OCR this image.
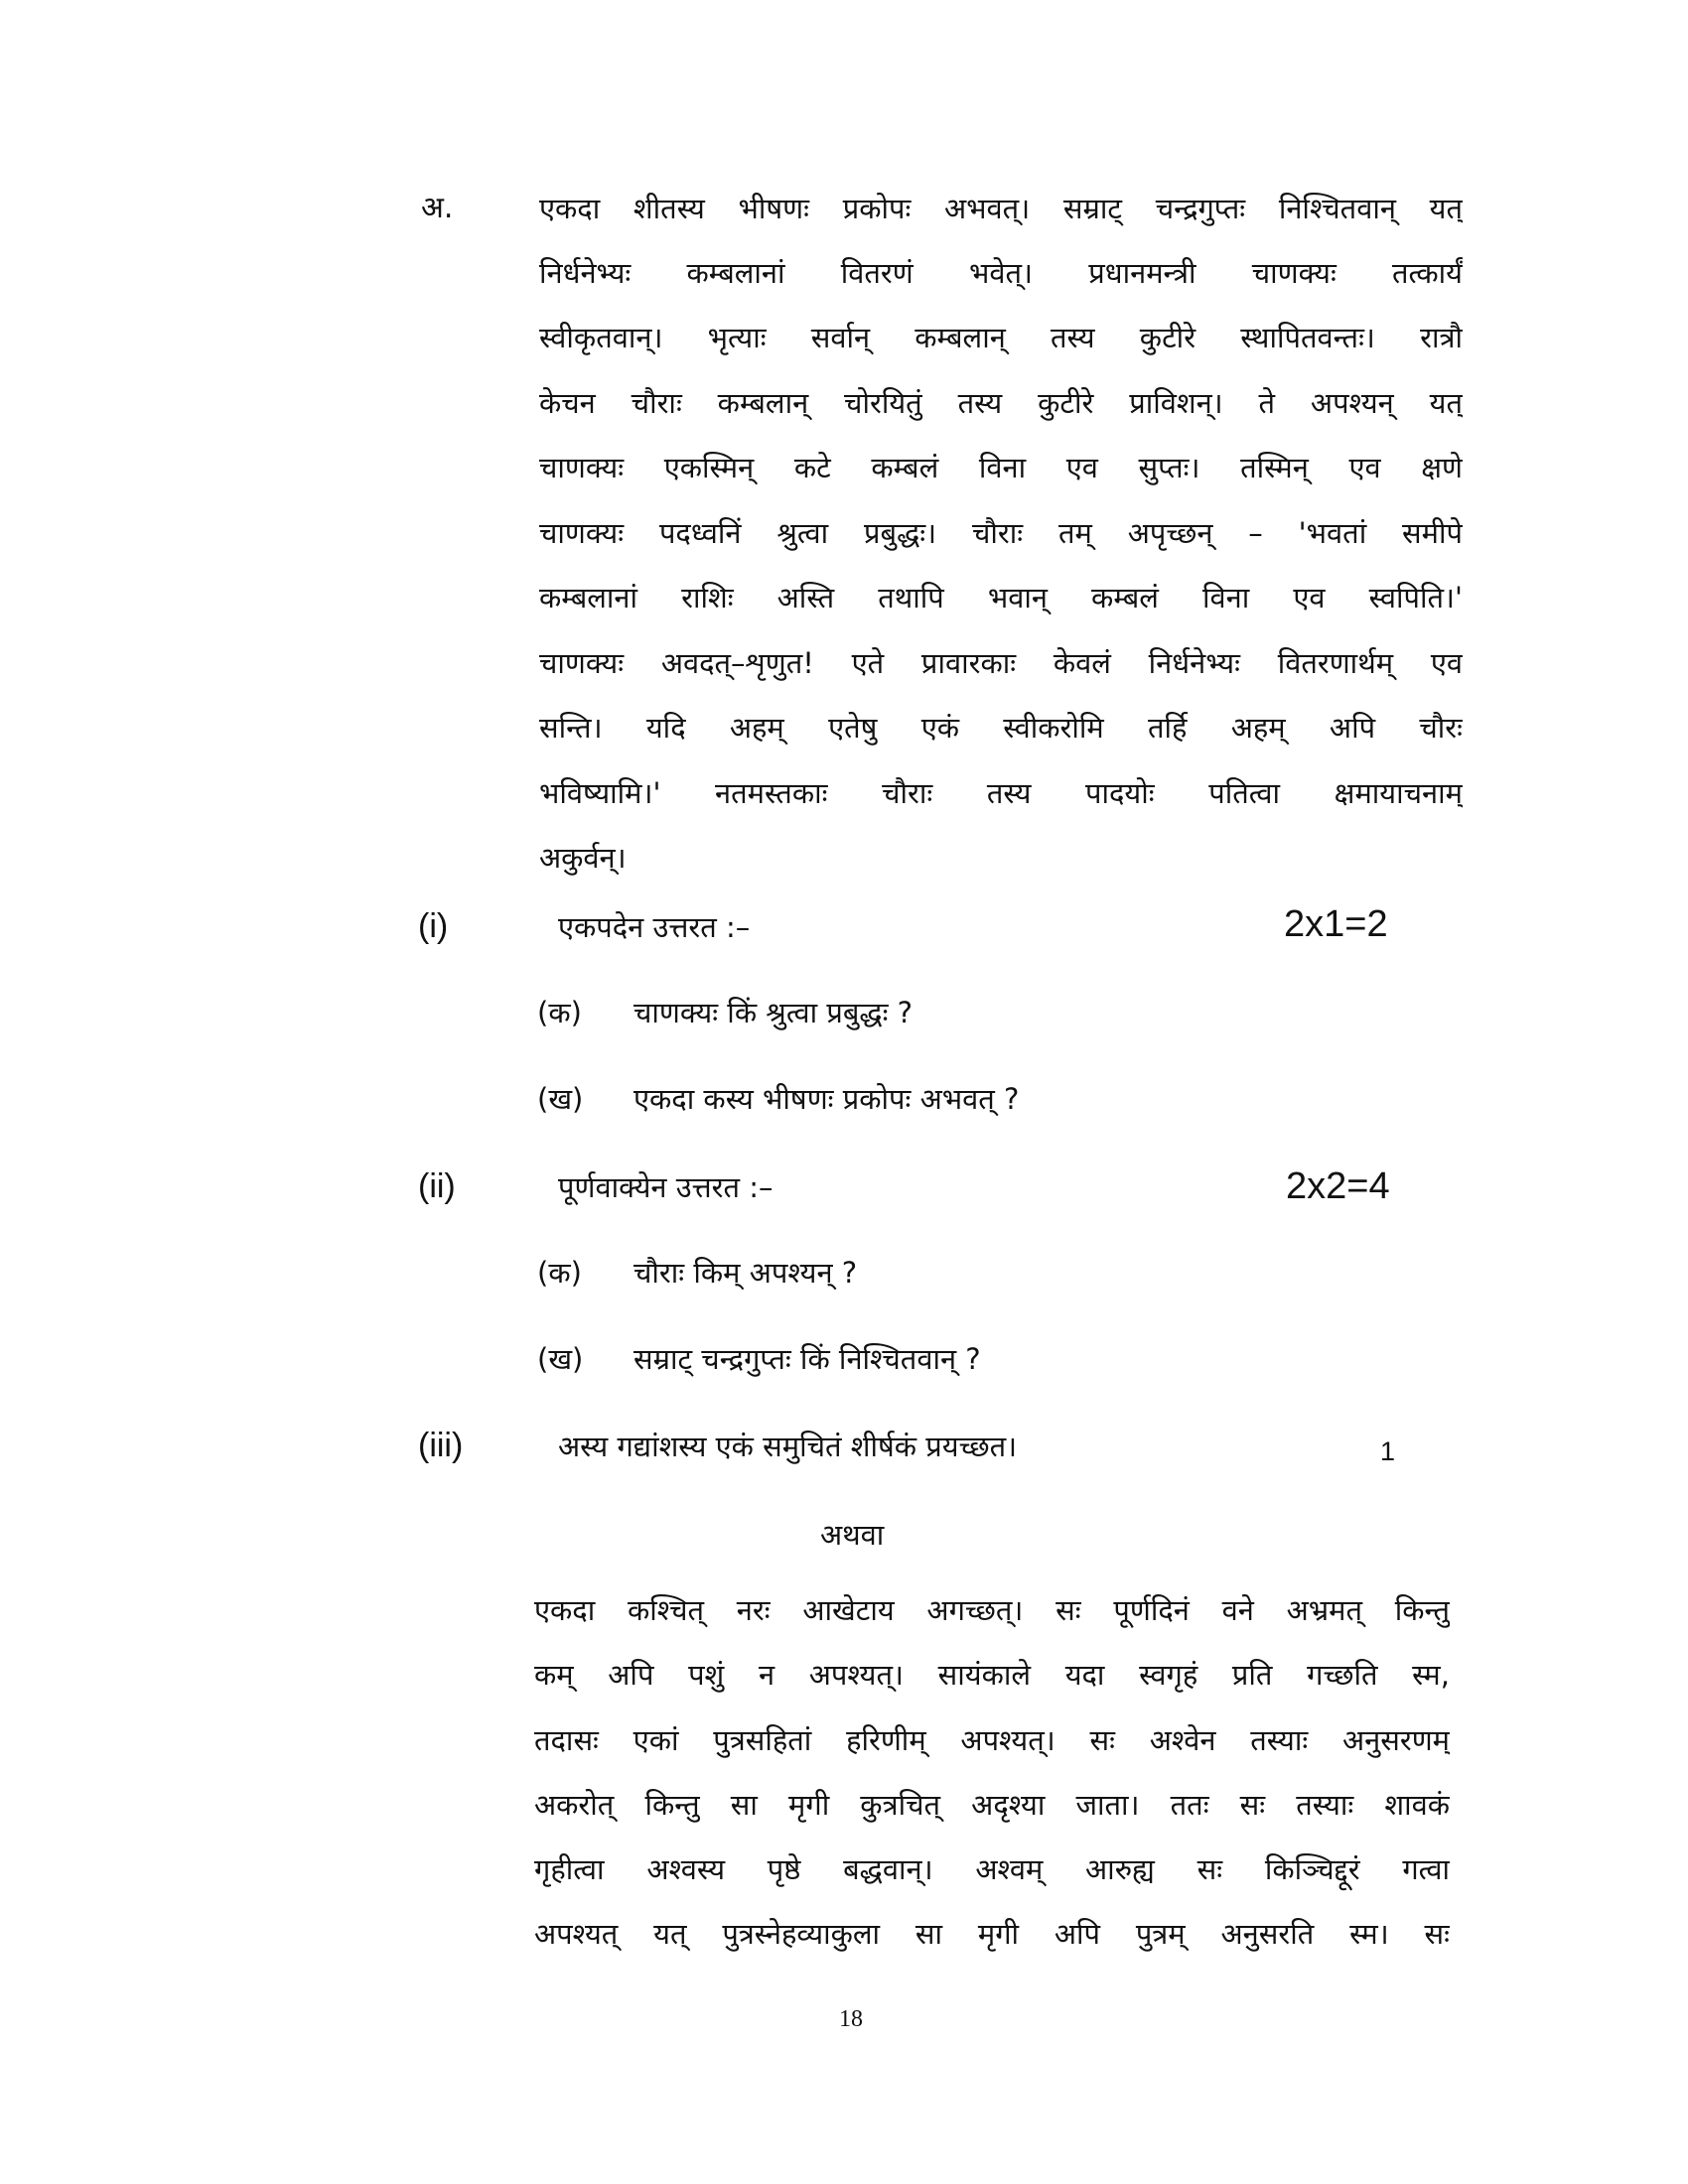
अ.	एकदा शीतस्य भीषणः प्रकोपः अभवत्। सम्राट् चन्द्रगुप्तः निश्चितवान् यत्
निर्धनेभ्यः कम्बलानां वितरणं भवेत्। प्रधानमन्त्री चाणक्यः तत्कार्यं
स्वीकृतवान्। भृत्याः सर्वान् कम्बलान् तस्य कुटीरे स्थापितवन्तः। रात्रौ
केचन चौराः कम्बलान् चोरयितुं तस्य कुटीरे प्राविशन्। ते अपश्यन् यत्
चाणक्यः एकस्मिन् कटे कम्बलं विना एव सुप्तः। तस्मिन् एव क्षणे
चाणक्यः पदध्वनिं श्रुत्वा प्रबुद्धः। चौराः तम् अपृच्छन् – 'भवतां समीपे
कम्बलानां राशिः अस्ति तथापि भवान् कम्बलं विना एव स्वपिति।'
चाणक्यः अवदत्–शृणुत! एते प्रावारकाः केवलं निर्धनेभ्यः वितरणार्थम् एव
सन्ति। यदि अहम् एतेषु एकं स्वीकरोमि तर्हि अहम् अपि चौरः
भविष्यामि।' नतमस्तकाः चौराः तस्य पादयोः पतित्वा क्षमायाचनाम्
अकुर्वन्।
(i)	एकपदेन उत्तरत :–	2x1=2
(क) चाणक्यः किं श्रुत्वा प्रबुद्धः ?
(ख) एकदा कस्य भीषणः प्रकोपः अभवत् ?
(ii)	पूर्णवाक्येन उत्तरत :–	2x2=4
(क) चौराः किम् अपश्यन् ?
(ख) सम्राट् चन्द्रगुप्तः किं निश्चितवान् ?
(iii)	अस्य गद्यांशस्य एकं समुचितं शीर्षकं प्रयच्छत।	1
अथवा
एकदा कश्चित् नरः आखेटाय अगच्छत्। सः पूर्णदिनं वने अभ्रमत् किन्तु
कम् अपि पशुं न अपश्यत्। सायंकाले यदा स्वगृहं प्रति गच्छति स्म,
तदासः एकां पुत्रसहितां हरिणीम् अपश्यत्। सः अश्वेन तस्याः अनुसरणम्
अकरोत् किन्तु सा मृगी कुत्रचित् अदृश्या जाता। ततः सः तस्याः शावकं
गृहीत्वा अश्वस्य पृष्ठे बद्धवान्। अश्वम् आरुह्य सः किञ्चिद्दूरं गत्वा
अपश्यत् यत् पुत्रस्नेहव्याकुला सा मृगी अपि पुत्रम् अनुसरति स्म। सः
18
